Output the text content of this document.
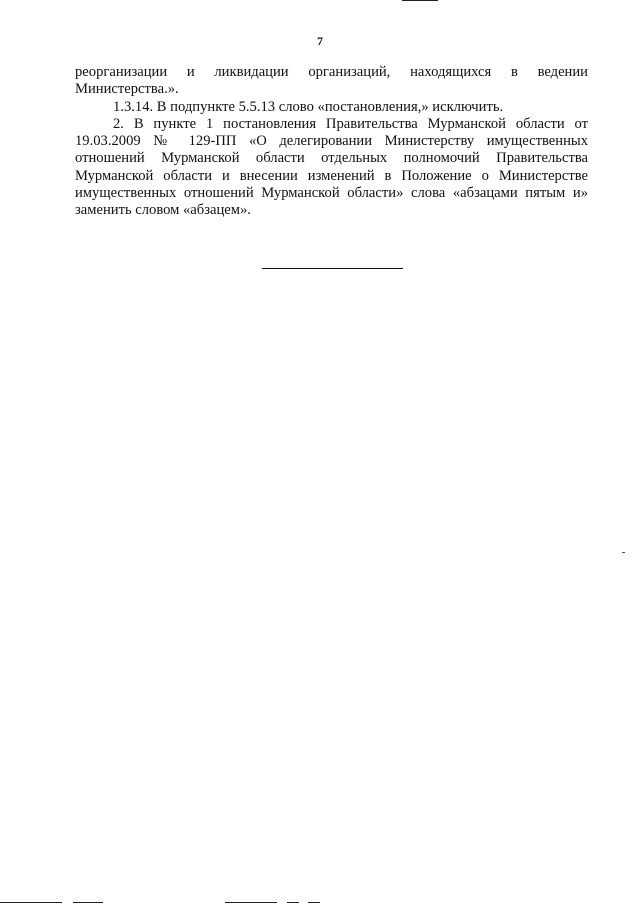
7

реорганизации и ликвидации организаций, находящихся в ведении Министерства.».

1.3.14. В подпункте 5.5.13 слово «постановления,» исключить.

2. В пункте 1 постановления Правительства Мурманской области от 19.03.2009 № 129-ПП «О делегировании Министерству имущественных отношений Мурманской области отдельных полномочий Правительства Мурманской области и внесении изменений в Положение о Министерстве имущественных отношений Мурманской области» слова «абзацами пятым и» заменить словом «абзацем».
